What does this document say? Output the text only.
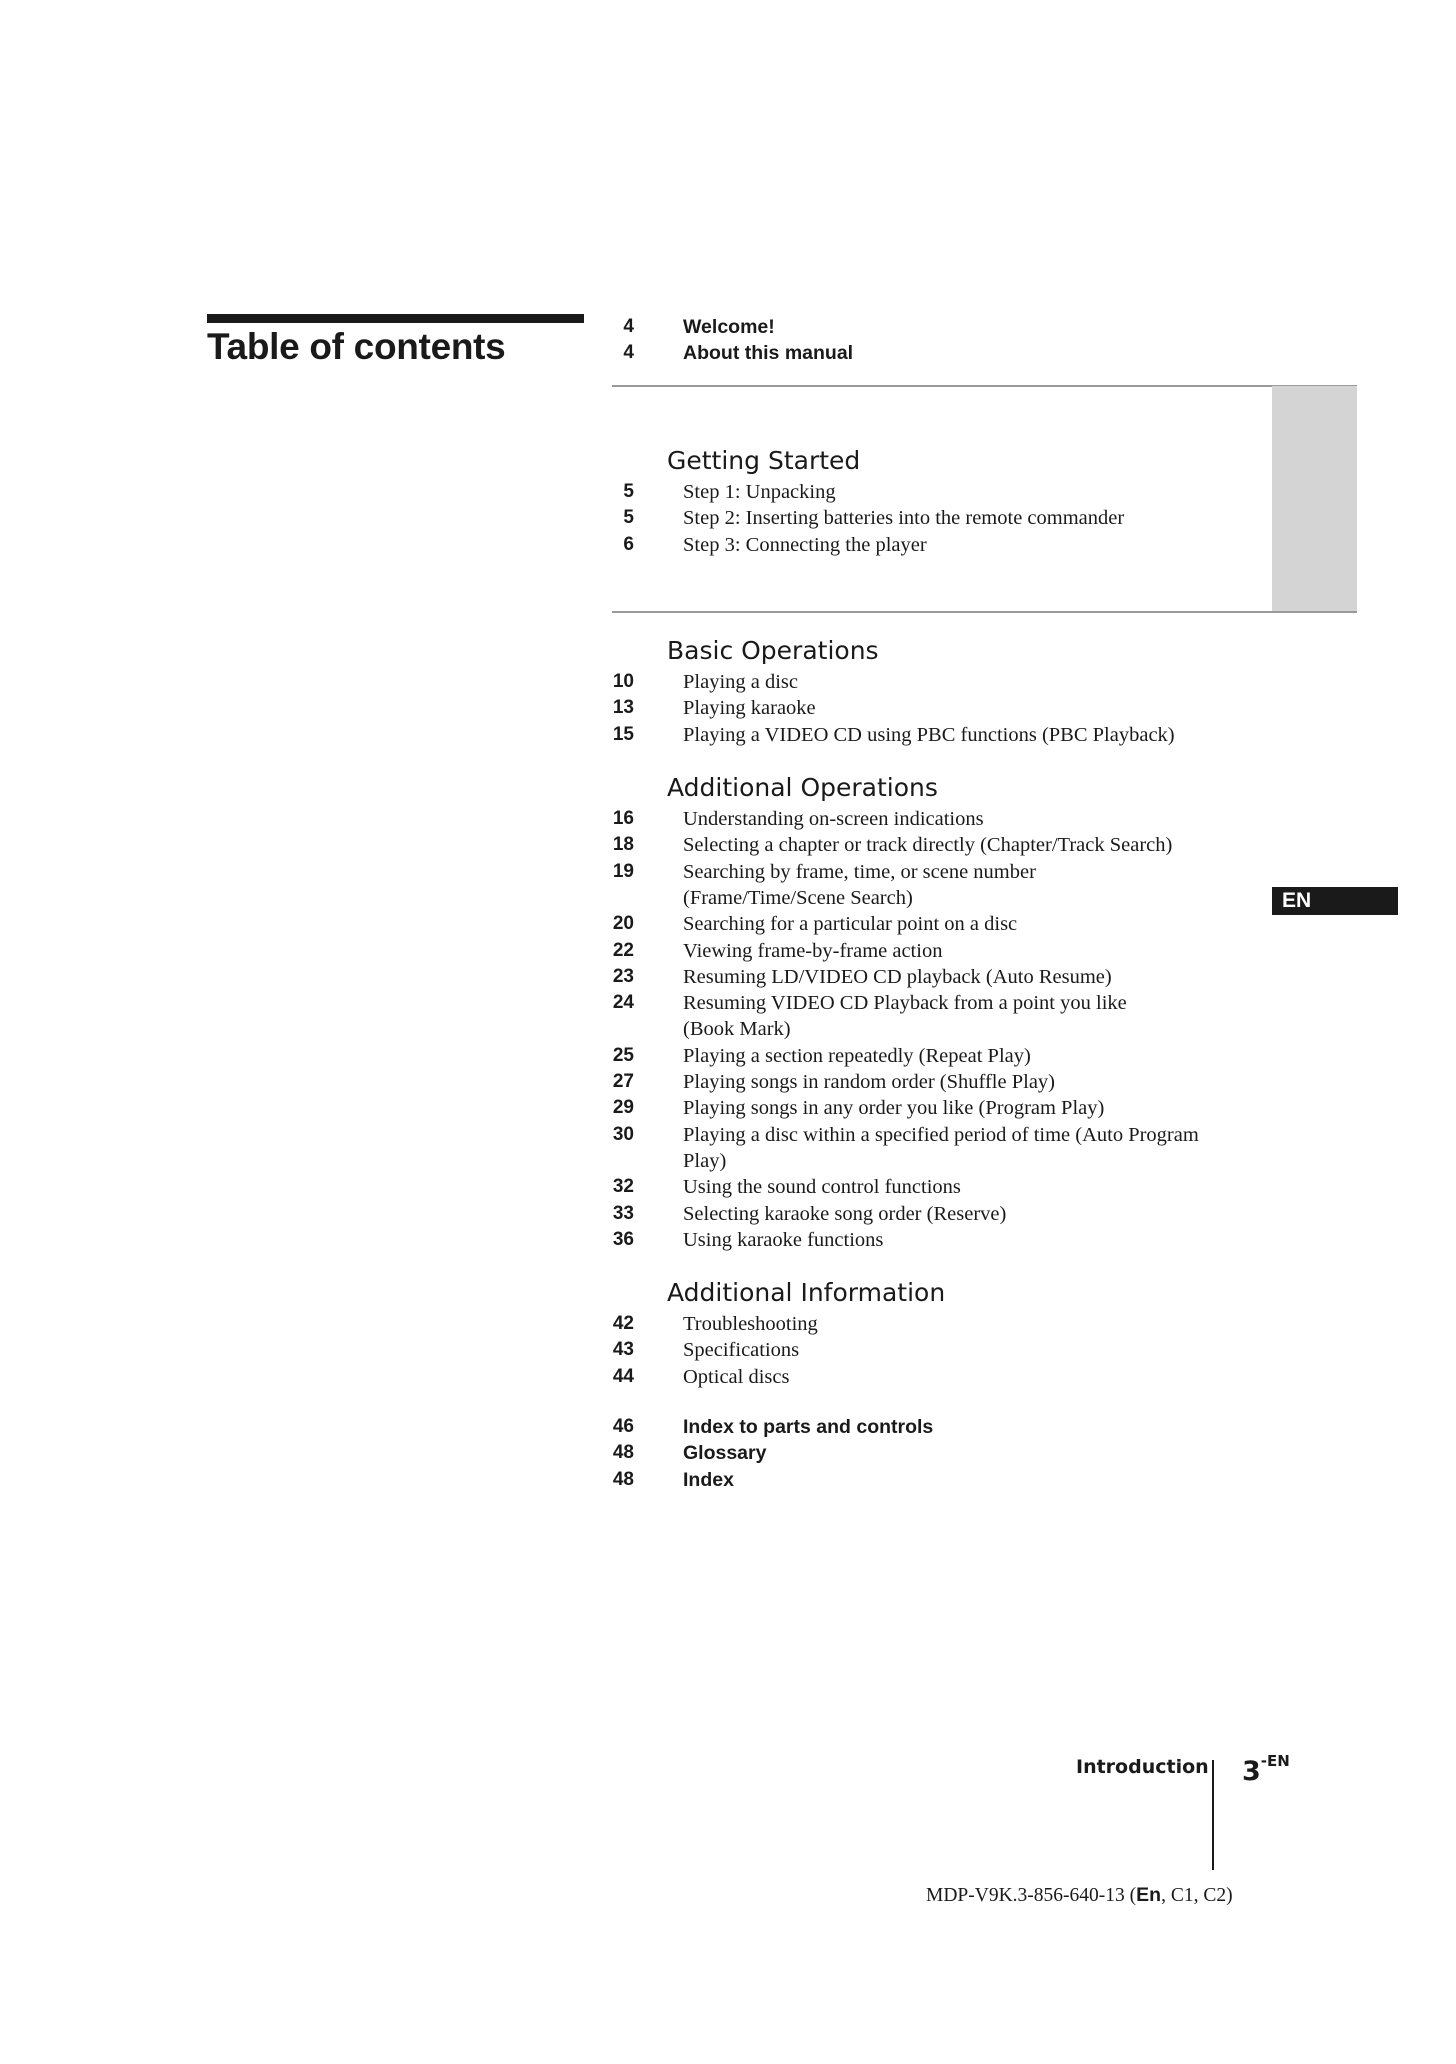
Table of contents	4	Welcome!
4	About this manual
Getting Started
5 Step 1: Unpacking
5 Step 2: Inserting batteries into the remote commander
6 Step 3: Connecting the player
Basic Operations
10 Playing a disc
13 Playing karaoke
15 Playing a VIDEO CD using PBC functions (PBC Playback)
Additional Operations
16 Understanding on-screen indications
18 Selecting a chapter or track directly (Chapter/Track Search)
19 Searching by frame, time, or scene number
(Frame/Time/Scene Search)
20 Searching for a particular point on a disc
22 Viewing frame-by-frame action
23 Resuming LD/VIDEO CD playback (Auto Resume)
24 Resuming VIDEO CD Playback from a point you like
(Book Mark)
25 Playing a section repeatedly (Repeat Play)
27 Playing songs in random order (Shuffle Play)
29 Playing songs in any order you like (Program Play)
30 Playing a disc within a specified period of time (Auto Program
Play)
32 Using the sound control functions
33 Selecting karaoke song order (Reserve)
36 Using karaoke functions
Additional Information
42 Troubleshooting
43 Specifications
44 Optical discs
46	Index to parts and controls
48	Glossary
48	Index
EN
Introduction $3^{-EN}$
MDP-V9K.3-856-640-13 (En, C1, C2)
